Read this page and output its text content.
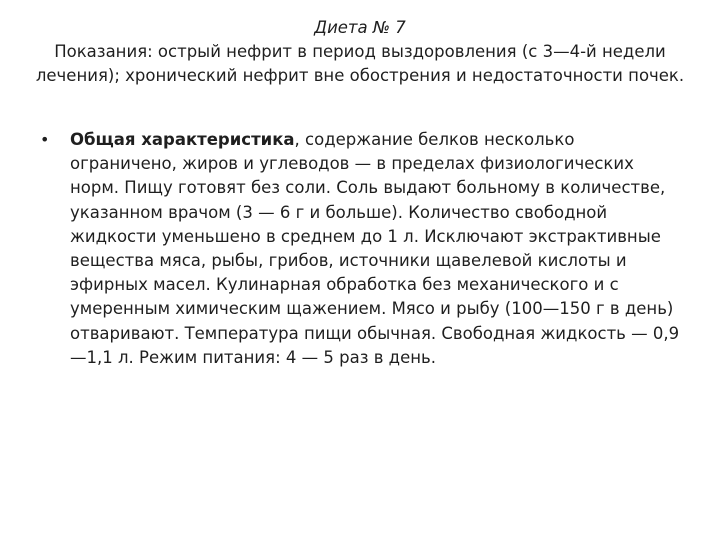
Диета № 7
Показания: острый нефрит в период выздоровления (с 3—4-й недели лечения); хронический нефрит вне обострения и недостаточности почек.
•	Общая характеристика, содержание белков несколько ограничено, жиров и углеводов — в пределах физиологических норм. Пищу готовят без соли. Соль выдают больному в количестве, указанном врачом (3 — 6 г и больше). Количество свободной жидкости уменьшено в среднем до 1 л. Исключают экстрактивные вещества мяса, рыбы, грибов, источники щавелевой кислоты и эфирных масел. Кулинарная обработка без механического и с умеренным химическим щажением. Мясо и рыбу (100—150 г в день) отваривают. Температура пищи обычная. Свободная жидкость — 0,9 —1,1 л. Режим питания: 4 — 5 раз в день.
